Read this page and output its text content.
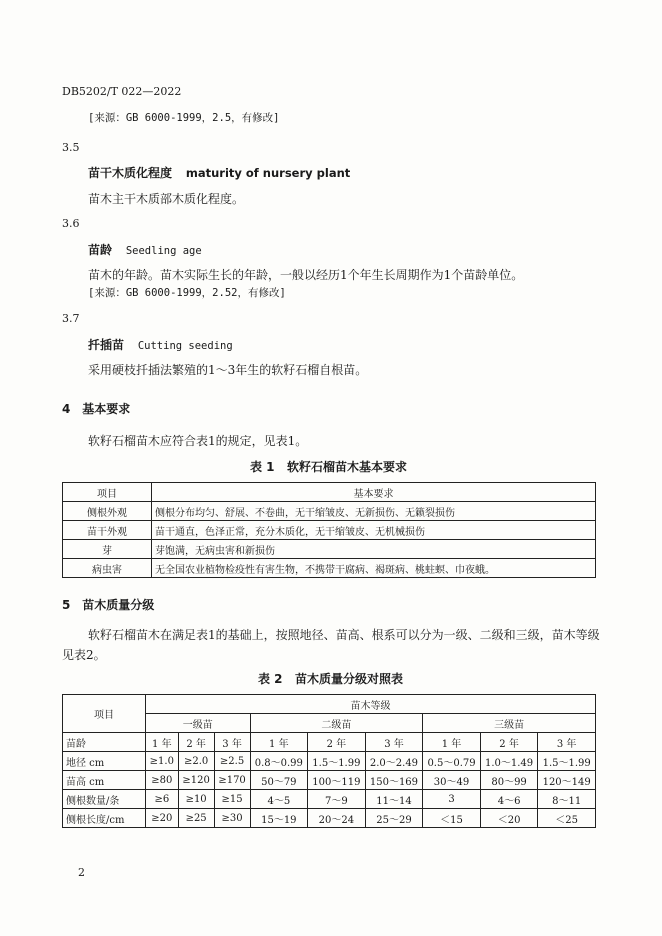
DB5202/T 022—2022
[来源：GB 6000-1999，2.5，有修改]
3.5
苗干木质化程度 maturity of nursery plant
苗木主干木质部木质化程度。
3.6
苗龄 Seedling age
苗木的年龄。苗木实际生长的年龄，一般以经历1个年生长周期作为1个苗龄单位。
[来源：GB 6000-1999，2.52，有修改]
3.7
扦插苗 Cutting seeding
采用硬枝扦插法繁殖的1～3年生的软籽石榴自根苗。
4 基本要求
软籽石榴苗木应符合表1的规定，见表1。
表 1   软籽石榴苗木基本要求
项目	基本要求
侧根外观	侧根分布均匀、舒展、不卷曲，无干缩皱皮、无新损伤、无籁裂损伤
苗干外观	苗干通直，色泽正常，充分木质化，无干缩皱皮、无机械损伤
芽	芽饱满，无病虫害和新损伤
病虫害	无全国农业植物检疫性有害生物，不携带干腐病、褐斑病、桃蛀螟、巾夜蛾。
5 苗木质量分级
软籽石榴苗木在满足表1的基础上，按照地径、苗高、根系可以分为一级、二级和三级，苗木等级
见表2。
表 2   苗木质量分级对照表
项目	苗木等级								
	一级苗			二级苗			三级苗		
苗龄	1 年	2 年	3 年	1 年	2 年	3 年	1 年	2 年	3 年
地径 cm	≥1.0	≥2.0	≥2.5	0.8～0.99	1.5～1.99	2.0～2.49	0.5～0.79	1.0～1.49	1.5～1.99
苗高 cm	≥80	≥120	≥170	50～79	100～119	150～169	30～49	80～99	120～149
侧根数量/条	≥6	≥10	≥15	4～5	7～9	11～14	3	4～6	8～11
侧根长度/cm	≥20	≥25	≥30	15～19	20～24	25～29	＜15	＜20	＜25
2
